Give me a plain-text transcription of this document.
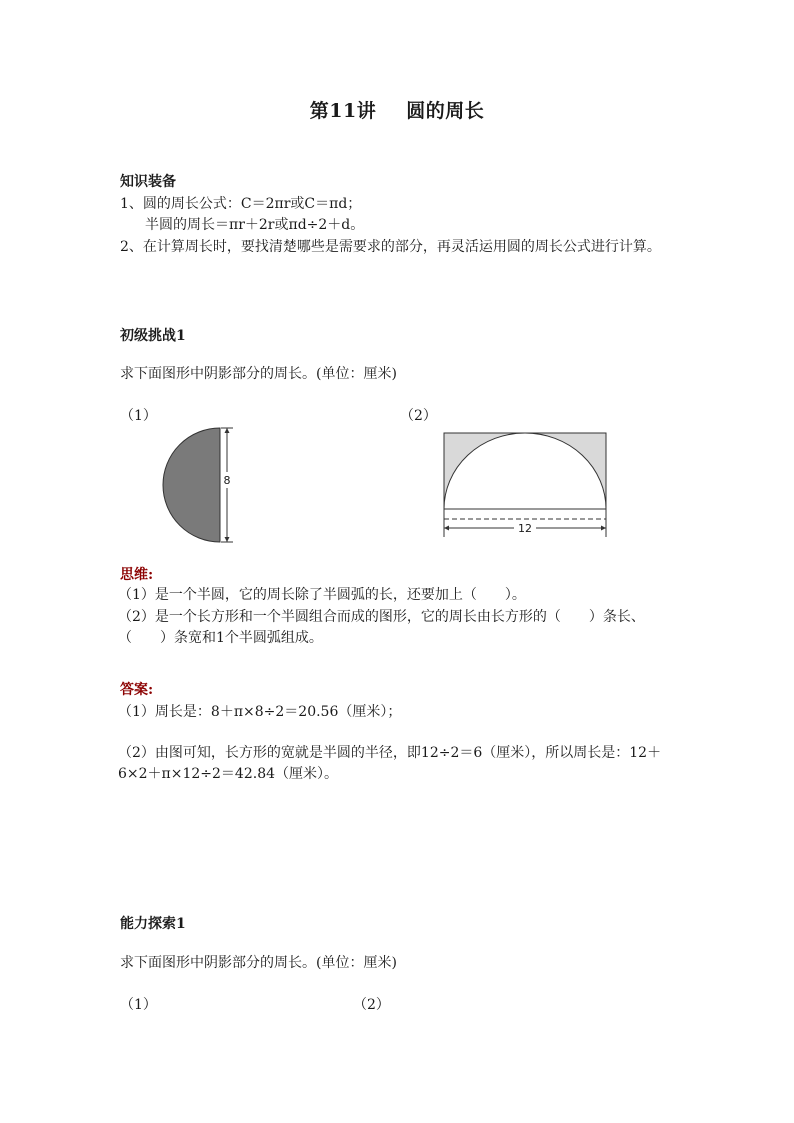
第11讲 圆的周长
知识装备
1、圆的周长公式：C＝2πr或C＝πd；
半圆的周长＝πr＋2r或πd÷2＋d。
2、在计算周长时，要找清楚哪些是需要求的部分，再灵活运用圆的周长公式进行计算。
初级挑战1
求下面图形中阴影部分的周长。(单位：厘米)
（1）	（2）
8
12
思维:
（1）是一个半圆，它的周长除了半圆弧的长，还要加上（　　）。
（2）是一个长方形和一个半圆组合而成的图形，它的周长由长方形的（　　）条长、（　　）条宽和1个半圆弧组成。
答案:
（1）周长是：8＋π×8÷2＝20.56（厘米）；
（2）由图可知，长方形的宽就是半圆的半径，即12÷2＝6（厘米），所以周长是：12＋6×2＋π×12÷2＝42.84（厘米）。
能力探索1
求下面图形中阴影部分的周长。(单位：厘米)
（1）	（2）
